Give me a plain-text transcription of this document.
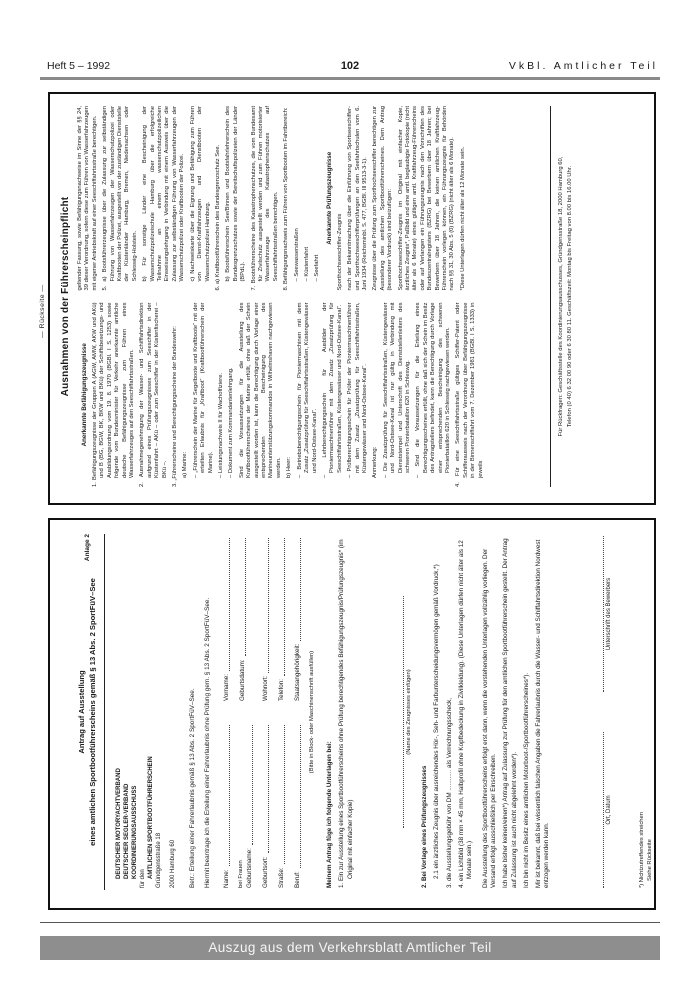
Heft 5 – 1992	102	VkBl. Amtlicher Teil
— Rückseite — Ausnahmen von der Führerscheinpflicht Anerkannte Befähigungszeugnisse 1. Befähigungszeugnisse der Gruppen A (AGW, AMW, AKW und AKü) und B (BG, BGW, BK, BKW und BKü) der Schiffsbesetzungs- und Ausbildungsordnung vom 19. 8. 1970 (BGBl. I S. 1253) sowie folgende vom Bundesminister für Verkehr anerkannte amtliche deutsche Befähigungszeugnisse zum Führen eines Wasserfahrzeuges auf den Seeschiffahrtsstraßen. 2. Ausnahmegenehmigung der Wasser- und Schifffahrtsdirektion aufgrund eines Prüfungszeugnisses zum Seeschiffer in der Küstenfahrt – AKü – oder zum Seeschiffer in der Küstenfischerei – BKü –. 3. „Führerscheine und Berechtigungsscheine der Bundeswehr: a) Marine: – „Führerschein der Marine für Segelboote und Kraftboote“ mit der erteilten Erlaubnis für „Kraftboot“ (Kraftbootführerschein der Marine). – Leistungsnachweis II für Wachoffiziere. – Dokument zum Kommandantenlehrgang. Sind die Voraussetzungen für die Ausstellung des Kraftbootführerscheines der Marine erfüllt, ohne daß der Schein ausgestellt worden ist, kann die Berechtigung durch Vorlage einer entsprechenden Bescheinigung des Marineunterstützungskommandos in Wilhelmshaven nachgewiesen werden. b) Heer: – Betriebsberechtigungsschein für Pioniermaschinen mit dem Zusatz „Zusatzprüfung für Seeschiffahrtsstraßen, Küstengewässer und Nord-Ostsee-Kanal“. – Lehrberechtigungsschein für Ausbilder der Pioniermaschinenführer mit dem Zusatz „Zusatzprüfung für Seeschiffahrtsstraßen, Küstengewässer und Nord-Ostsee-Kanal“. – Prüfberechtigungsschein für Prüfer der Pioniermaschinenführer mit dem Zusatz „Zusatzprüfung für Seeschiffahrtsstraßen, Küstengewässer und Nord-Ostsee-Kanal“. Anmerkung: – Die Zusatzprüfung für Seeschiffahrtsstraßen, Küstengewässer und Nord-Ostsee-Kanal ist nur gültig in Verbindung mit Dienststempel und Unterschrift des Dienststellenleiters des schweren Pionierbataillon 620 in Schleswig. – Sind die Voraussetzungen für die Erteilung eines Berechtigungsscheines erfüllt, ohne daß sich der Schein im Besitz des Antragstellers befindet, kann die Berechtigung durch Vorlage einer entsprechenden Bescheinigung des schweren Pionierbataillon 620 in Schleswig nachgewiesen werden. 4. Für eine Seeschiffahrtsstraße gültiges Schiffer-Patent oder Schifferausweis nach der Verordnung über Befähigungszeugnisse in der Binnenschiffahrt vom 7. Dezember 1981 (BGBl. I S. 1333) in jeweils

geltender Fassung, sowie Befähigungsnachweise im Sinne der §§ 24, 39 dieser Verordnung, sofern diese zum Führen von Wasserfahrzeugen mit eigener Antriebskraft auf einer Seeschiffahrtsstraße berechtigen. 5. a) Bootsführerzeugnisse über die Zulassung zur selbständigen Führung von Wasserfahrzeugen der Wasserschutzpolizei oder Kraftbooten der Polizei, ausgestellt von der zuständigen Dienststelle der Küstenländer Hamburg, Bremen, Niedersachsen oder Schleswig-Holstein. b) Für sonstige Länder eine Bescheinigung der Wasserschutzpolizeischule Hamburg über die erfolgreiche Teilnahme an einem wasserschutzpolizeilichen Einweisungslehrgang in Verbindung mit einem Ausweis über die Zulassung zur selbständigen Führung von Wasserfahrzeugen der Wasserschutzpolizei oder Kraftbooten der Polizei. c) Nachweiskarte über die Eignung und Befähigung zum Führen von Dienst-Kraftfahrzeugen und Dienstbooten der Wasserschutzpolizei Hamburg. 6. a) Kraftbootführerschein des Bundesgrenzschutz See. b) Bootsführerschein See/Binnen und Bootsfahrlehrerschein des Bundesgrenzschutzes sowie der Bereitschaftspolizeien der Länder (BPdL). 7. Bootsführerscheine des Katastrophenschutzes, die vom Bundesamt für Zivilschutz ausgestellt werden und zum Führen motorisierter Wasserfahrzeuge des Katastrophenschutzes auf Seeschiffahrtsstraßen berechtigen. 8. Befähigungsnachweis zum Führen von Sportbooten im Fahrtbereich: – Seewasserstraßen – Küstenfahrt – Seefahrt

Anerkannte Prüfungszeugnisse

Sporthochseeschiffer-Zeugnis nach der Bekanntmachung über die Einführung von Sportseeschiffer- und Sporthochseeschifferprüfungen an den Seefahrtschulen vom 6. Juni 1934 (Reichsminbl. S. 477, BGBl. III 9513-3-1). Zeugnisse über die Prüfung zum Sporthochseeschiffer berechtigen zur Ausstellung des amtlichen Sportbootführerscheines. Dem Antrag (besonderer Vordruck) sind beizufügen: Sporthochseeschiffer-Zeugnis im Original mit einfacher Kopie, ärztliches Zeugnis*, Paßbild und eine amtl. beglaubigte Fotokopie (nicht älter als 6 Monate) eines gültigen amtl. Kraftfahrzeug-Führerscheins oder auf Verlangen ein Führungszeugnis nach den Vorschriften des Bundeszentralregisters (BZRG) bei Bewerbern über 18 Jahren; bei Bewerbern über 18 Jahren, die keinen amtlichen Kraftfahrzeug-Führerschein vorlegen können, ein Führungszeugnis für Behörden nach §§ 31, 30 Abs. 5 (0) (BZRG) (nicht älter als 6 Monate). *Diese Unterlagen dürfen nicht älter als 12 Monate sein.	Für Rückfragen: Geschäftsstelle des Koordinierungsausschusses, Gründgensstraße 18, 2000 Hamburg 60, Telefon (0 40) 6 32 00 90 oder 6 30 80 11. Geschäftszeit: Montag bis Freitag von 8.00 bis 16.00 Uhr.
Anlage 2
Antrag auf Ausstellung eines amtlichen Sportbootführerscheins gemäß § 13 Abs. 2 SportFüV–See	DEUTSCHER MOTORYACHTVERBAND DEUTSCHER SEGLER-VERBAND KOORDINIERUNGSAUSSCHUSS für den AMTLICHEN SPORTBOOTFÜHRERSCHEIN Gründgensstraße 18 2000 Hamburg 60 Betr.: Erteilung einer Fahrerlaubnis gemäß § 13 Abs. 2 SportFüV–See. Hiermit beantrage ich die Erteilung einer Fahrerlaubnis ohne Prüfung gem. § 13 Abs. 2 SportFüV–See. Name:
Vorname:
bei Frauen Geburtsname:
Geburtsdatum:
Geburtsort:
Wohnort:
Straße:
Telefon:
Beruf:
Staatsangehörigkeit: (Bitte in Block- oder Maschinenschrift ausfüllen)

Meinem Antrag füge ich folgende Unterlagen bei: 1. Ein zur Ausstellung eines Sportbootführerscheins ohne Prüfung berechtigendes Befähigungszeugnis/Prüfungszeugnis* (im Original mit einfacher Kopie)

(Name des Zeugnisses einfügen)

2. Bei Vorlage eines Prüfungszeugnisses 2.1 ein ärztliches Zeugnis über ausreichendes Hör-, Seh- und Farbunterscheidungsvermögen gemäß Vordruck,*) 3. die Ausstellungsgebühr von DM ............ als Verrechnungsscheck, 4. ein Lichtbild (38 mm × 45 mm, Halbprofil ohne Kopfbedeckung in Zivilkleidung). (Diese Unterlagen dürfen nicht älter als 12 Monate sein.) Die Ausstellung des Sportbootführerscheins erfolgt erst dann, wenn die vorstehenden Unterlagen vollzählig vorliegen. Der Versand erfolgt ausschließlich per Einschreiben. Ich habe bisher keinen/einen*) Antrag auf Zulassung zur Prüfung für den amtlichen Sportbootführerschein gestellt. Der Antrag auf Zulassung ist auch nicht abgelehnt worden*). Ich bin nicht im Besitz eines amtlichen Motorboot-/Sportbootführerscheines*). Mir ist bekannt, daß bei wissentlich falschen Angaben die Fahrerlaubnis durch die Wasser- und Schiffahrtsdirektion Nordwest entzogen werden kann.

Ort, Datum
Unterschrift des Bewerbers
*) Nichtzutreffendes streichen Siehe Rückseite
Auszug aus dem Verkehrsblatt Amtlicher Teil
